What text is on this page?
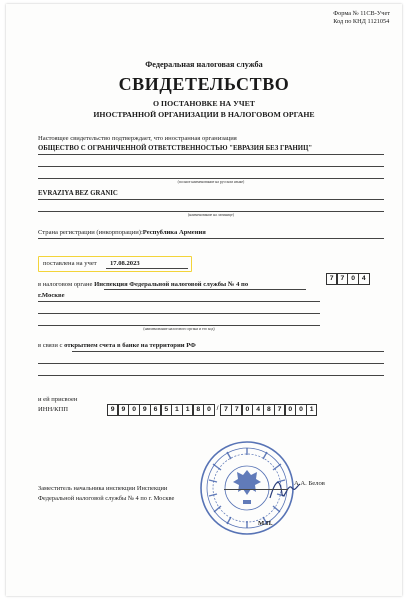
Форма № 11СВ-Учет
Код по КНД 1121054
Федеральная налоговая служба
СВИДЕТЕЛЬСТВО
О ПОСТАНОВКЕ НА УЧЕТ
ИНОСТРАННОЙ ОРГАНИЗАЦИИ В НАЛОГОВОМ ОРГАНЕ
Настоящее свидетельство подтверждает, что иностранная организация
ОБЩЕСТВО С ОГРАНИЧЕННОЙ ОТВЕТСТВЕННОСТЬЮ "ЕВРАЗИЯ БЕЗ ГРАНИЦ"
(полное наименование на русском языке)
EVRAZIYA BEZ GRANIC
(наименование на латинице)
Страна регистрации (инкорпорации):Республика Армения
поставлена на учет 17.08.2023
в налоговом органе Инспекция Федеральной налоговой службы № 4 по
7	7	0	4
г.Москве
(наименование налогового органа и его код)
в связи с открытием счета в банке на территории РФ
и ей присвоен
ИНН/КПП	9	9	0	9	6	5	1	1	8	0 / 7	7	0	4	8	7	0	0	1
Заместитель начальника инспекции Инспекции
Федеральной налоговой службы № 4 по г. Москве
А.А. Белов
М.П.
